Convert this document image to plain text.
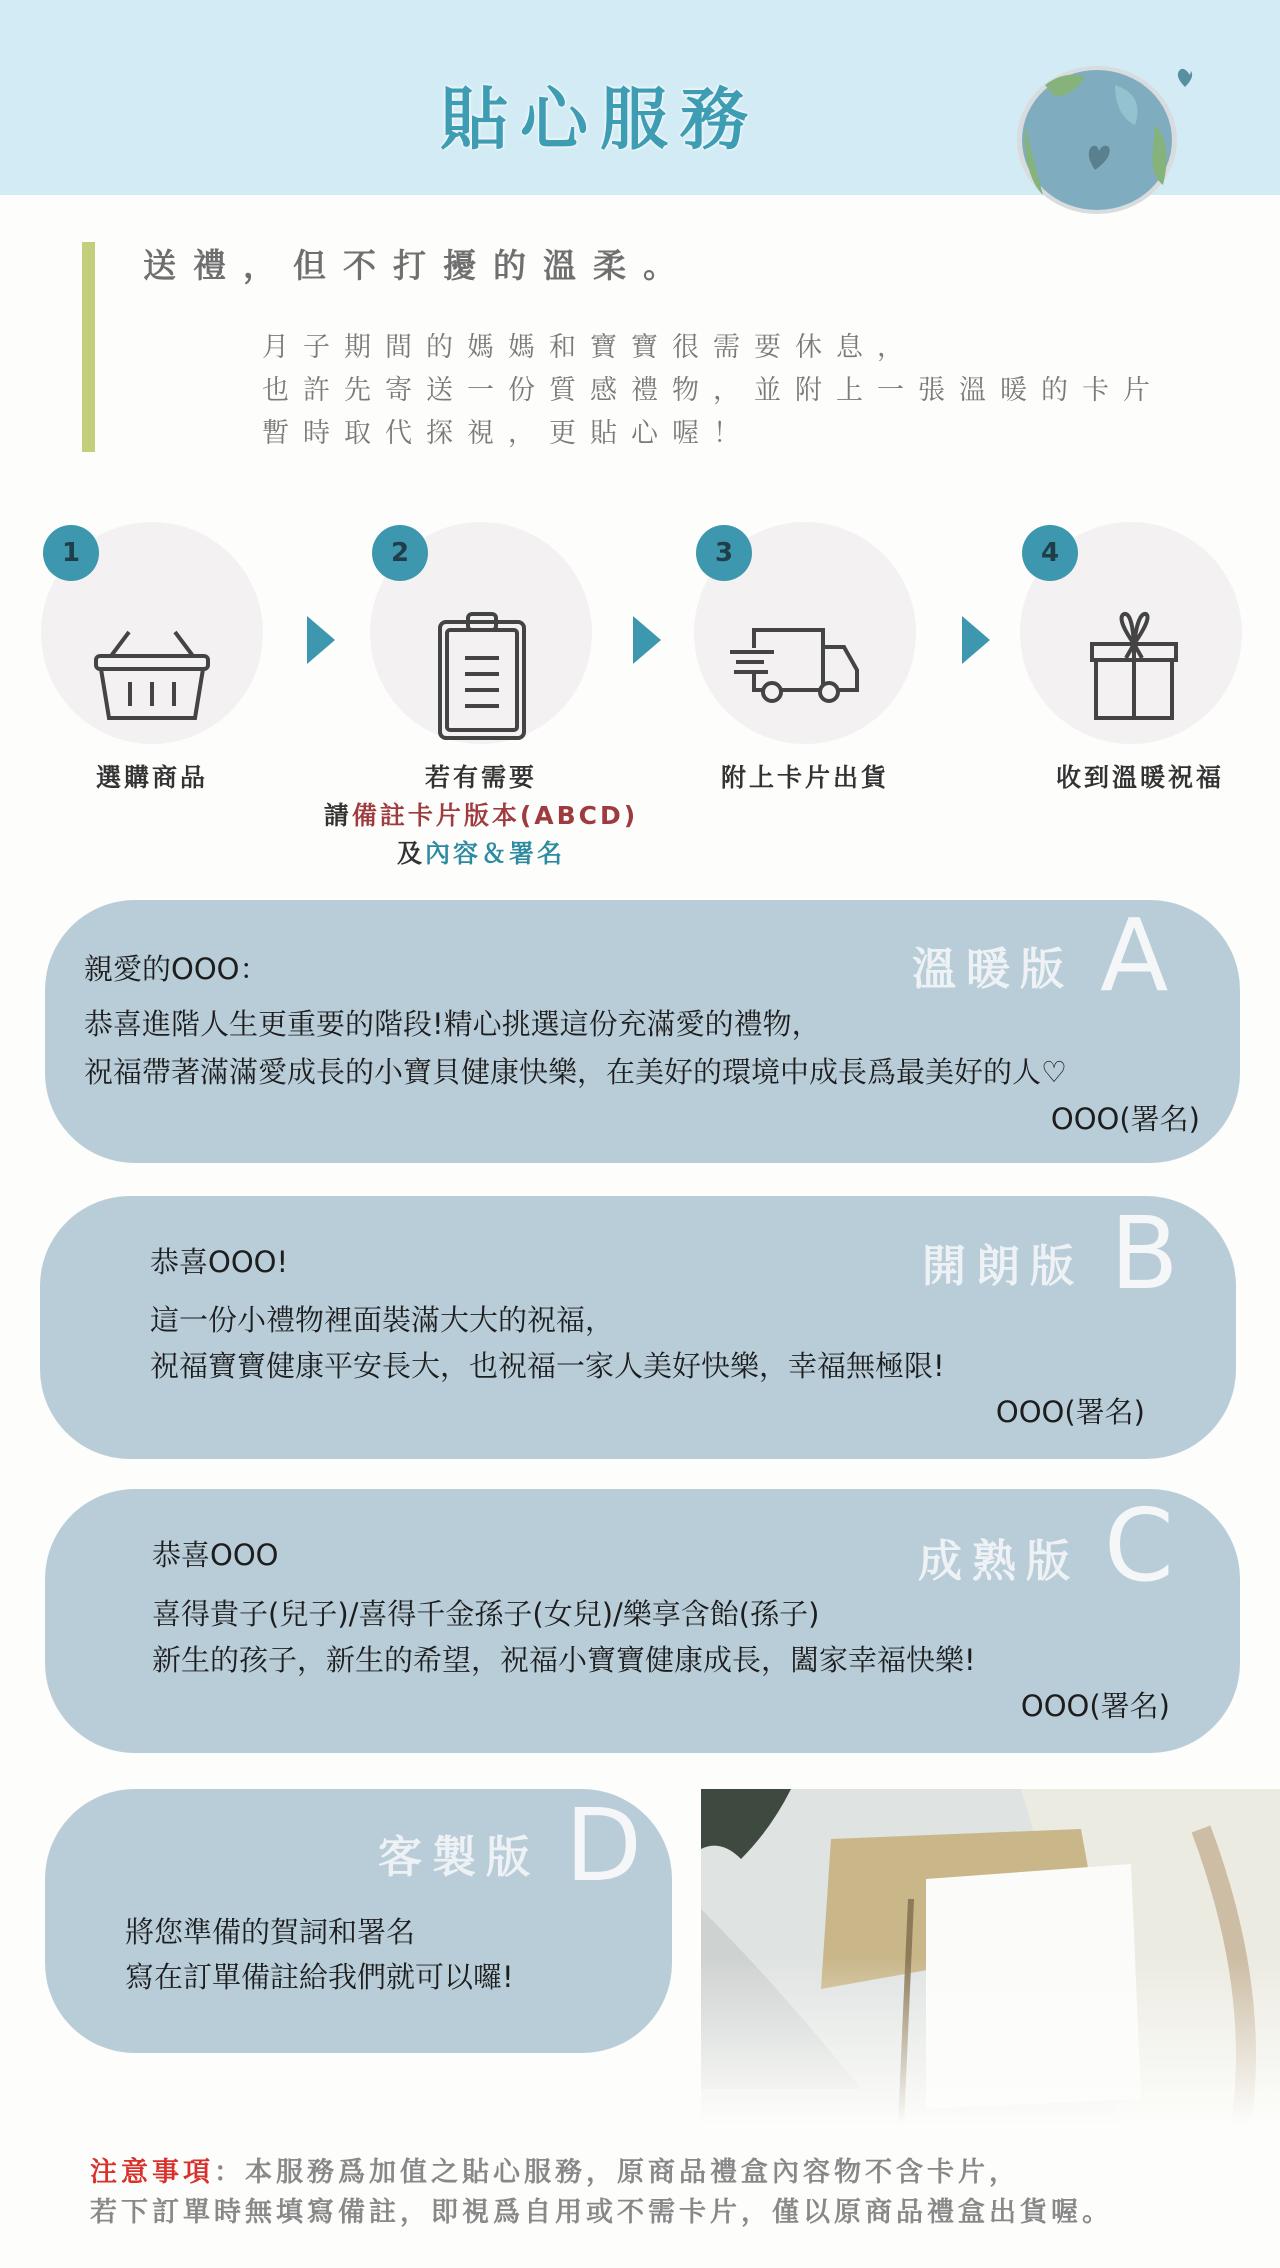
貼心服務
送禮，但不打擾的溫柔。
月子期間的媽媽和寶寶很需要休息，
也許先寄送一份質感禮物，並附上一張溫暖的卡片
暫時取代探視，更貼心喔！
1	2	3	4
選購商品	若有需要
請備註卡片版本(ABCD)
及內容＆署名
附上卡片出貨	收到溫暖祝福
溫暖版 A
親愛的OOO：
恭喜進階人生更重要的階段!精心挑選這份充滿愛的禮物，
祝福帶著滿滿愛成長的小寶貝健康快樂，在美好的環境中成長爲最美好的人♡
OOO(署名)
開朗版 B
恭喜OOO!
這一份小禮物裡面裝滿大大的祝福，
祝福寶寶健康平安長大，也祝福一家人美好快樂，幸福無極限!
OOO(署名)
成熟版 C
恭喜OOO
喜得貴子(兒子)/喜得千金孫子(女兒)/樂享含飴(孫子)
新生的孩子，新生的希望，祝福小寶寶健康成長，闔家幸福快樂!
OOO(署名)
客製版 D
將您準備的賀詞和署名
寫在訂單備註給我們就可以囉!
注意事項：本服務爲加值之貼心服務，原商品禮盒內容物不含卡片，
若下訂單時無填寫備註，即視爲自用或不需卡片，僅以原商品禮盒出貨喔。
